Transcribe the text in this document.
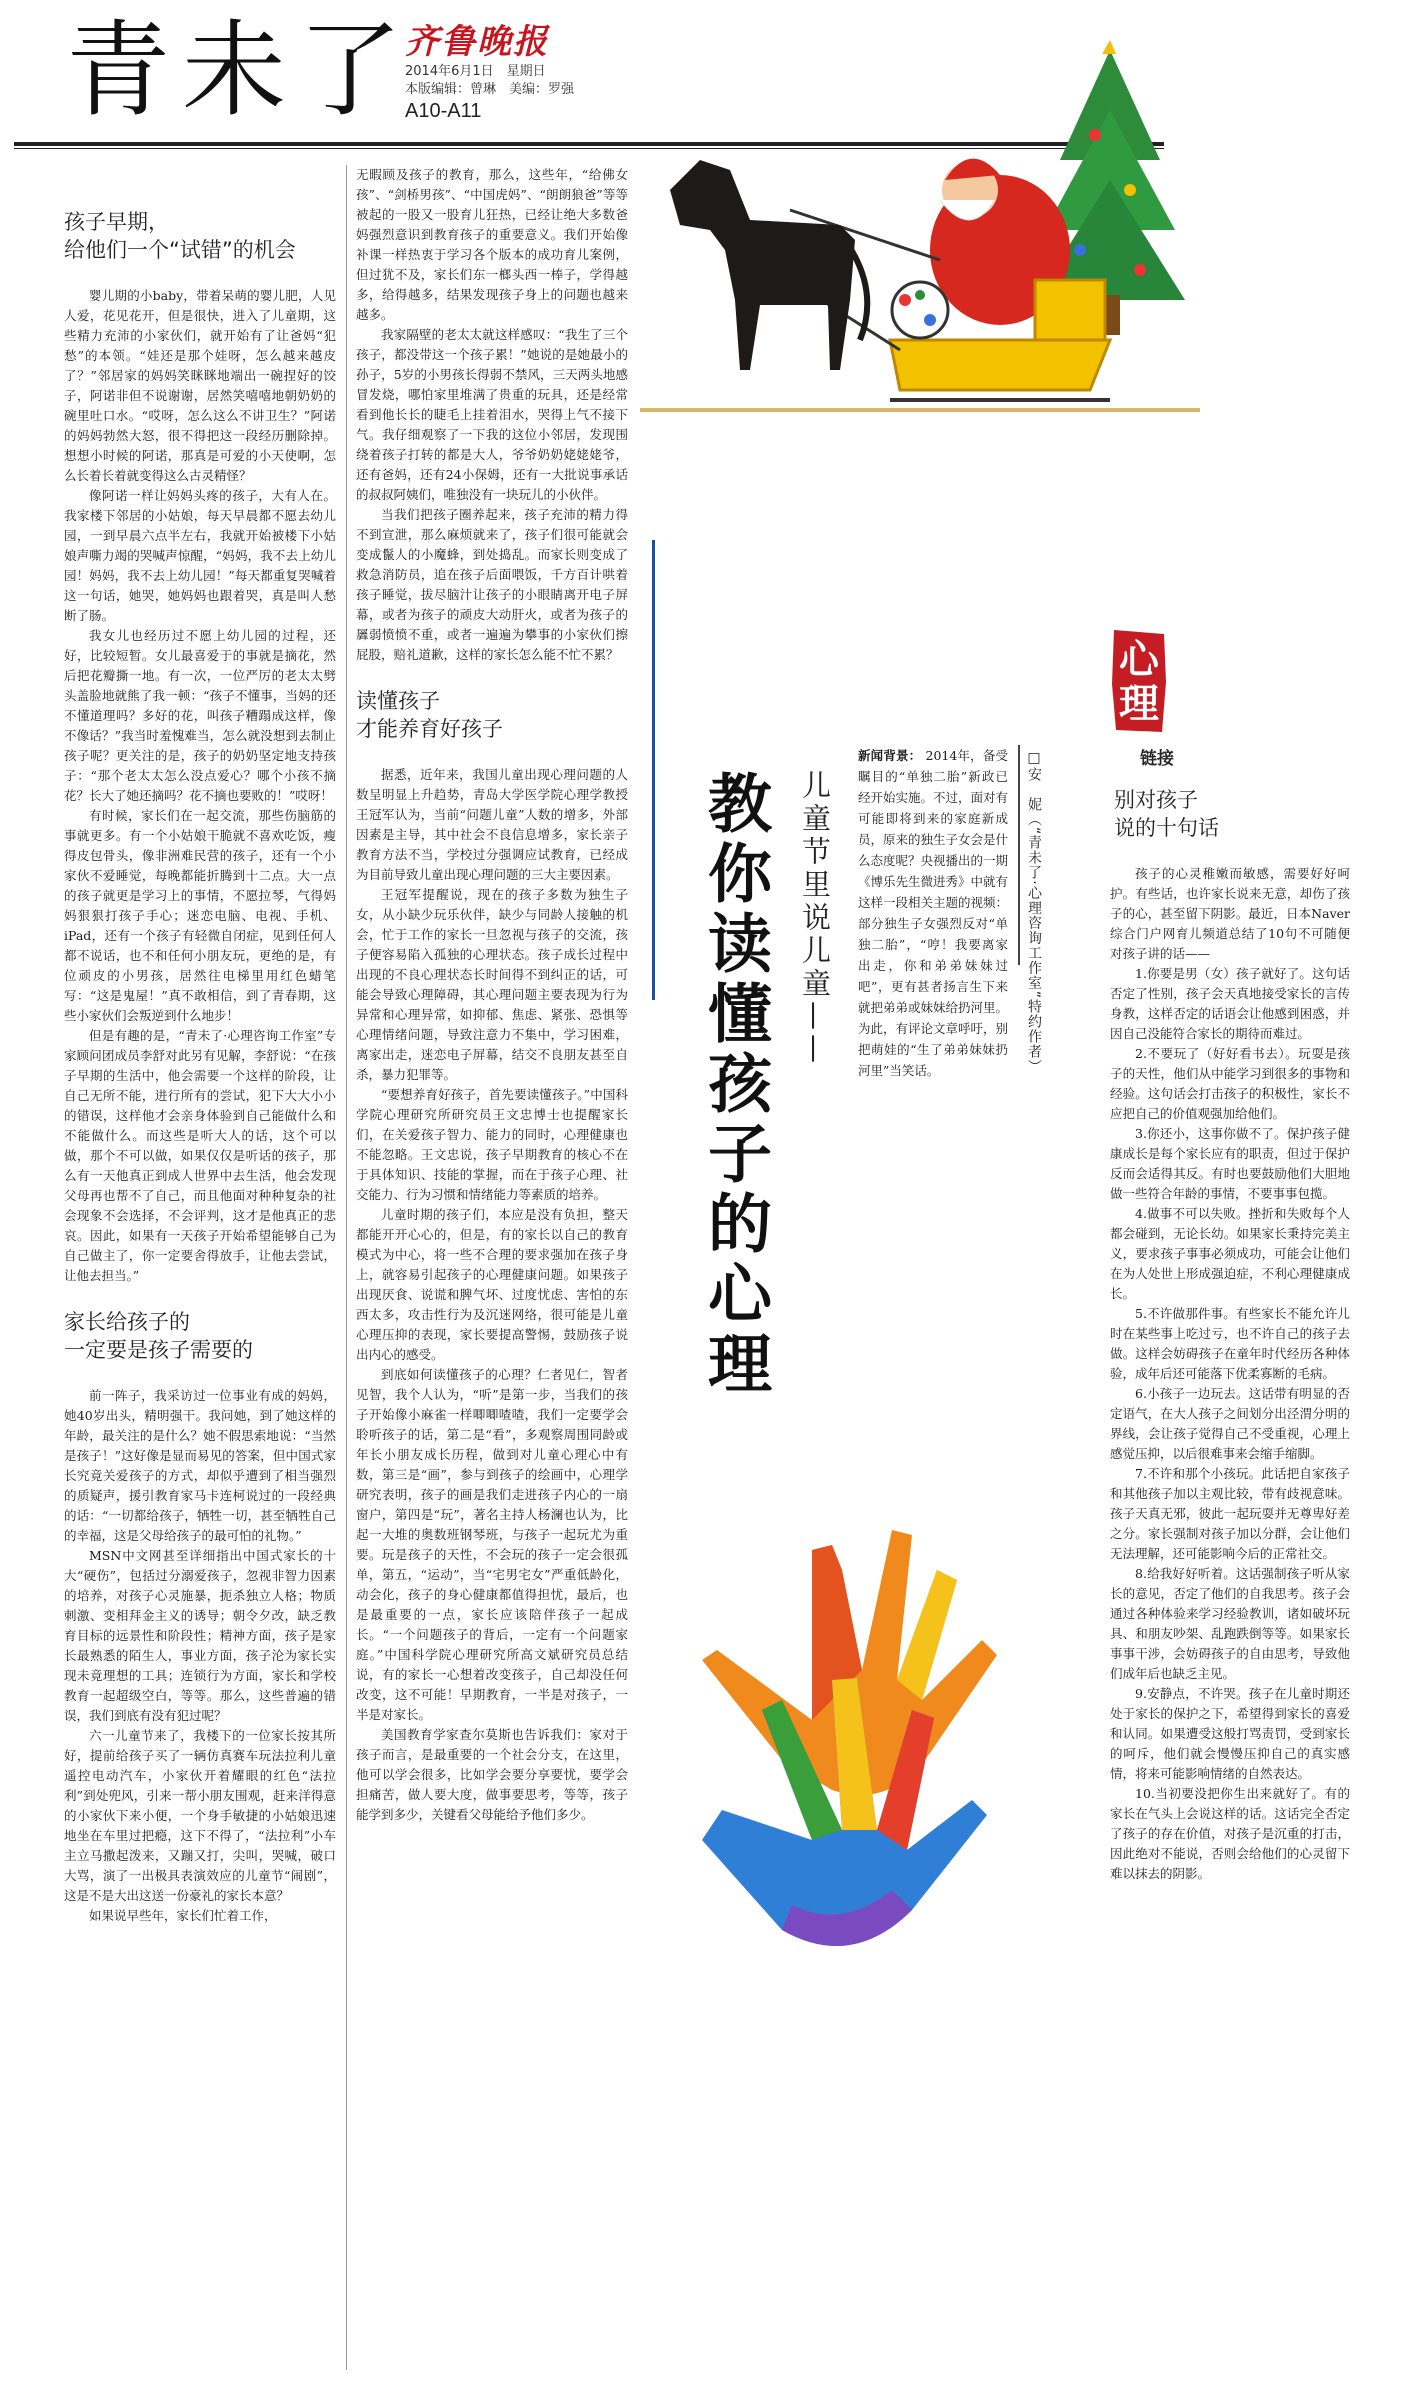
青未了
齐鲁晚报
2014年6月1日　星期日
本版编辑：曾琳　美编：罗强
A10-A11
孩子早期，
给他们一个“试错”的机会

婴儿期的小baby，带着呆萌的婴儿肥，人见人爱，花见花开，但是很快，进入了儿童期，这些精力充沛的小家伙们，就开始有了让爸妈“犯愁”的本领。“娃还是那个娃呀，怎么越来越皮了？”邻居家的妈妈笑眯眯地端出一碗捏好的饺子，阿诺非但不说谢谢，居然笑嘻嘻地朝奶奶的碗里吐口水。“哎呀，怎么这么不讲卫生？”阿诺的妈妈勃然大怒，很不得把这一段经历删除掉。想想小时候的阿诺，那真是可爱的小天使啊，怎么长着长着就变得这么古灵精怪？

像阿诺一样让妈妈头疼的孩子，大有人在。我家楼下邻居的小姑娘，每天早晨都不愿去幼儿园，一到早晨六点半左右，我就开始被楼下小姑娘声嘶力竭的哭喊声惊醒，“妈妈，我不去上幼儿园！妈妈，我不去上幼儿园！”每天都重复哭喊着这一句话，她哭，她妈妈也跟着哭，真是叫人愁断了肠。

我女儿也经历过不愿上幼儿园的过程，还好，比较短暂。女儿最喜爱于的事就是摘花，然后把花瓣撕一地。有一次，一位严厉的老太太劈头盖脸地就熊了我一顿：“孩子不懂事，当妈的还不懂道理吗？多好的花，叫孩子糟蹋成这样，像不像话？”我当时羞愧难当，怎么就没想到去制止孩子呢？更关注的是，孩子的奶奶坚定地支持孩子：“那个老太太怎么没点爱心？哪个小孩不摘花？长大了她还摘吗？花不摘也要败的！”哎呀！

有时候，家长们在一起交流，那些伤脑筋的事就更多。有一个小姑娘干脆就不喜欢吃饭，瘦得皮包骨头，像非洲难民营的孩子，还有一个小家伙不爱睡觉，每晚都能折腾到十二点。大一点的孩子就更是学习上的事情，不愿拉琴，气得妈妈狠狠打孩子手心；迷恋电脑、电视、手机、iPad，还有一个孩子有轻微自闭症，见到任何人都不说话，也不和任何小朋友玩，更绝的是，有位顽皮的小男孩，居然往电梯里用红色蜡笔写：“这是鬼屋！”真不敢相信，到了青春期，这些小家伙们会叛逆到什么地步！

但是有趣的是，“青未了·心理咨询工作室”专家顾问团成员李舒对此另有见解，李舒说：“在孩子早期的生活中，他会需要一个这样的阶段，让自己无所不能，进行所有的尝试，犯下大大小小的错误，这样他才会亲身体验到自己能做什么和不能做什么。而这些是听大人的话，这个可以做，那个不可以做，如果仅仅是听话的孩子，那么有一天他真正到成人世界中去生活，他会发现父母再也帮不了自己，而且他面对种种复杂的社会现象不会选择，不会评判，这才是他真正的悲哀。因此，如果有一天孩子开始希望能够自己为自己做主了，你一定要舍得放手，让他去尝试，让他去担当。”

家长给孩子的
一定要是孩子需要的

前一阵子，我采访过一位事业有成的妈妈，她40岁出头，精明强干。我问她，到了她这样的年龄，最关注的是什么？她不假思索地说：“当然是孩子！”这好像是显而易见的答案，但中国式家长究竟关爱孩子的方式，却似乎遭到了相当强烈的质疑声，援引教育家马卡连柯说过的一段经典的话：“一切都给孩子，牺牲一切，甚至牺牲自己的幸福，这是父母给孩子的最可怕的礼物。”

MSN中文网甚至详细指出中国式家长的十大“硬伤”，包括过分溺爱孩子，忽视非智力因素的培养，对孩子心灵施暴，扼杀独立人格；物质刺激、变相拜金主义的诱导；朝令夕改，缺乏教育目标的远景性和阶段性；精神方面，孩子是家长最熟悉的陌生人，事业方面，孩子沦为家长实现未竟理想的工具；连锁行为方面，家长和学校教育一起超级空白，等等。那么，这些普遍的错误，我们到底有没有犯过呢？

六一儿童节来了，我楼下的一位家长按其所好，提前给孩子买了一辆仿真赛车玩法拉利儿童遥控电动汽车，小家伙开着耀眼的红色“法拉利”到处兜风，引来一帮小朋友围观，赶来洋得意的小家伙下来小便，一个身手敏捷的小姑娘迅速地坐在车里过把瘾，这下不得了，“法拉利”小车主立马撒起泼来，又蹦又打，尖叫，哭喊，破口大骂，演了一出极具表演效应的儿童节“闹剧”，这是不是大出这送一份豪礼的家长本意？

如果说早些年，家长们忙着工作，

无暇顾及孩子的教育，那么，这些年，“给佛女孩”、“剑桥男孩”、“中国虎妈”、“朗朗狼爸”等等被起的一股又一股育儿狂热，已经让绝大多数爸妈强烈意识到教育孩子的重要意义。我们开始像补课一样热衷于学习各个版本的成功育儿案例，但过犹不及，家长们东一榔头西一棒子，学得越多，给得越多，结果发现孩子身上的问题也越来越多。

我家隔壁的老太太就这样感叹：“我生了三个孩子，都没带这一个孩子累！”她说的是她最小的孙子，5岁的小男孩长得弱不禁风，三天两头地感冒发烧，哪怕家里堆满了贵重的玩具，还是经常看到他长长的睫毛上挂着泪水，哭得上气不接下气。我仔细观察了一下我的这位小邻居，发现围绕着孩子打转的都是大人，爷爷奶奶姥姥姥爷，还有爸妈，还有24小保姆，还有一大批说事承话的叔叔阿姨们，唯独没有一块玩儿的小伙伴。

当我们把孩子圈养起来，孩子充沛的精力得不到宣泄，那么麻烦就来了，孩子们很可能就会变成鬣人的小魔蜂，到处捣乱。而家长则变成了救急消防员，追在孩子后面喂饭，千方百计哄着孩子睡觉，拔尽脑汁让孩子的小眼睛离开电子屏幕，或者为孩子的顽皮大动肝火，或者为孩子的羼弱愤愤不重，或者一遍遍为攀事的小家伙们擦屁股，赔礼道歉，这样的家长怎么能不忙不累？

读懂孩子
才能养育好孩子

据悉，近年来，我国儿童出现心理问题的人数呈明显上升趋势，青岛大学医学院心理学教授王冠军认为，当前“问题儿童”人数的增多，外部因素是主导，其中社会不良信息增多，家长亲子教育方法不当，学校过分强调应试教育，已经成为目前导致儿童出现心理问题的三大主要因素。

王冠军提醒说，现在的孩子多数为独生子女，从小缺少玩乐伙伴，缺少与同龄人接触的机会，忙于工作的家长一旦忽视与孩子的交流，孩子便容易陷入孤独的心理状态。孩子成长过程中出现的不良心理状态长时间得不到纠正的话，可能会导致心理障碍，其心理问题主要表现为行为异常和心理异常，如抑郁、焦虑、紧张、恐惧等心理情绪问题，导致注意力不集中，学习困难，离家出走，迷恋电子屏幕，结交不良朋友甚至自杀，暴力犯罪等。

“要想养育好孩子，首先要读懂孩子。”中国科学院心理研究所研究员王文忠博士也提醒家长们，在关爱孩子智力、能力的同时，心理健康也不能忽略。王文忠说，孩子早期教育的核心不在于具体知识、技能的掌握，而在于孩子心理、社交能力、行为习惯和情绪能力等素质的培养。

儿童时期的孩子们，本应是没有负担，整天都能开开心心的，但是，有的家长以自己的教育模式为中心，将一些不合理的要求强加在孩子身上，就容易引起孩子的心理健康问题。如果孩子出现厌食、说谎和脾气坏、过度忧虑、害怕的东西太多，攻击性行为及沉迷网络，很可能是儿童心理压抑的表现，家长要提高警惕，鼓励孩子说出内心的感受。

到底如何读懂孩子的心理？仁者见仁，智者见智，我个人认为，“听”是第一步，当我们的孩子开始像小麻雀一样唧唧喳喳，我们一定要学会聆听孩子的话，第二是“看”，多观察周围同龄或年长小朋友成长历程，做到对儿童心理心中有数，第三是“画”，参与到孩子的绘画中，心理学研究表明，孩子的画是我们走进孩子内心的一扇窗户，第四是“玩”，著名主持人杨澜也认为，比起一大堆的奥数班钢琴班，与孩子一起玩尤为重要。玩是孩子的天性，不会玩的孩子一定会很孤单，第五，“运动”，当“宅男宅女”严重低龄化，动会化，孩子的身心健康都值得担忧，最后，也是最重要的一点，家长应该陪伴孩子一起成长。“一个问题孩子的背后，一定有一个问题家庭。”中国科学院心理研究所高文斌研究员总结说，有的家长一心想着改变孩子，自己却没任何改变，这不可能！早期教育，一半是对孩子，一半是对家长。

美国教育学家查尔莫斯也告诉我们：家对于孩子而言，是最重要的一个社会分支，在这里，他可以学会很多，比如学会要分享要忧，要学会担痛苦，做人要大度，做事要思考，等等，孩子能学到多少，关键看父母能给予他们多少。

教你读懂孩子的心理 儿童节里说儿童——
新闻背景： 2014年，备受瞩目的“单独二胎”新政已经开始实施。不过，面对有可能即将到来的家庭新成员，原来的独生子女会是什么态度呢？央视播出的一期《博乐先生微进秀》中就有这样一段相关主题的视频：部分独生子女强烈反对“单独二胎”，“哼！我要离家出走，你和弟弟妹妹过吧”，更有甚者扬言生下来就把弟弟或妹妹给扔河里。为此，有评论文章呼吁，别把萌娃的“生了弟弟妹妹扔河里”当笑话。	□安　妮（“青未了·心理咨询工作室”特约作者）
心
理
链接
别对孩子
说的十句话

孩子的心灵稚嫩而敏感，需要好好呵护。有些话，也许家长说来无意，却伤了孩子的心，甚至留下阴影。最近，日本Naver综合门户网育儿频道总结了10句不可随便对孩子讲的话——

1.你要是男（女）孩子就好了。这句话否定了性别，孩子会天真地接受家长的言传身教，这样否定的话语会让他感到困惑，并因自己没能符合家长的期待而难过。

2.不要玩了（好好看书去）。玩耍是孩子的天性，他们从中能学习到很多的事物和经验。这句话会打击孩子的积极性，家长不应把自己的价值观强加给他们。

3.你还小，这事你做不了。保护孩子健康成长是每个家长应有的职责，但过于保护反而会适得其反。有时也要鼓励他们大胆地做一些符合年龄的事情，不要事事包揽。

4.做事不可以失败。挫折和失败每个人都会碰到，无论长幼。如果家长秉持完美主义，要求孩子事事必须成功，可能会让他们在为人处世上形成强迫症，不利心理健康成长。

5.不许做那件事。有些家长不能允许儿时在某些事上吃过亏，也不许自己的孩子去做。这样会妨碍孩子在童年时代经历各种体验，成年后还可能落下优柔寡断的毛病。

6.小孩子一边玩去。这话带有明显的否定语气，在大人孩子之间划分出泾渭分明的界线，会让孩子觉得自己不受重视，心理上感觉压抑，以后很难事来会缩手缩脚。

7.不许和那个小孩玩。此话把自家孩子和其他孩子加以主观比较，带有歧视意味。孩子天真无邪，彼此一起玩耍并无尊卑好差之分。家长强制对孩子加以分群，会让他们无法理解，还可能影响今后的正常社交。

8.给我好好听着。这话强制孩子听从家长的意见，否定了他们的自我思考。孩子会通过各种体验来学习经验教训，诸如破坏玩具、和朋友吵架、乱跑跌倒等等。如果家长事事干涉，会妨碍孩子的自由思考，导致他们成年后也缺乏主见。

9.安静点，不许哭。孩子在儿童时期还处于家长的保护之下，希望得到家长的喜爱和认同。如果遭受这般打骂责罚，受到家长的呵斥，他们就会慢慢压抑自己的真实感情，将来可能影响情绪的自然表达。

10.当初要没把你生出来就好了。有的家长在气头上会说这样的话。这话完全否定了孩子的存在价值，对孩子是沉重的打击，因此绝对不能说，否则会给他们的心灵留下难以抹去的阴影。
